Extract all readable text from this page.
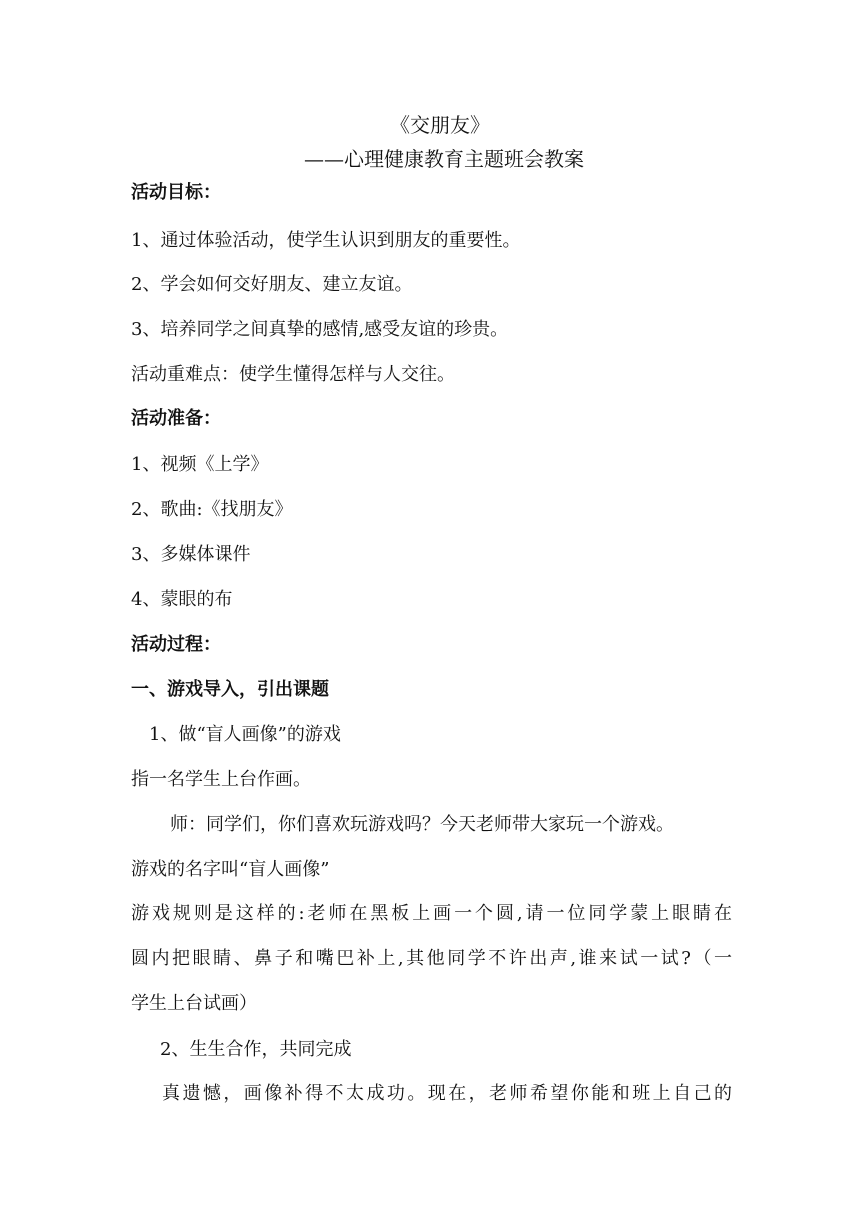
《交朋友》
——心理健康教育主题班会教案
活动目标：
1、通过体验活动，使学生认识到朋友的重要性。
2、学会如何交好朋友、建立友谊。
3、培养同学之间真挚的感情,感受友谊的珍贵。
活动重难点：使学生懂得怎样与人交往。
活动准备：
1、视频《上学》
2、歌曲:《找朋友》
3、多媒体课件
4、蒙眼的布
活动过程：
一、游戏导入，引出课题
1、做“盲人画像”的游戏
指一名学生上台作画。
师：同学们，你们喜欢玩游戏吗？今天老师带大家玩一个游戏。
游戏的名字叫“盲人画像”
游戏规则是这样的:老师在黑板上画一个圆,请一位同学蒙上眼睛在
圆内把眼睛、鼻子和嘴巴补上,其他同学不许出声,谁来试一试?（一
学生上台试画）
2、生生合作，共同完成
真遗憾，画像补得不太成功。现在，老师希望你能和班上自己的
